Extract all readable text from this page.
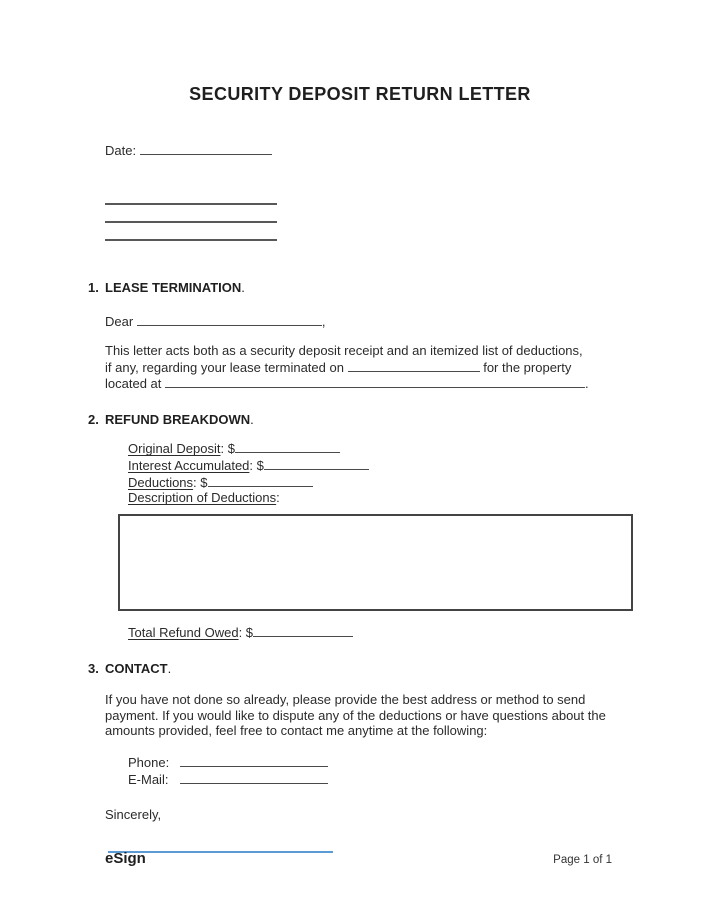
SECURITY DEPOSIT RETURN LETTER
Date:
1. LEASE TERMINATION.
Dear	,
This letter acts both as a security deposit receipt and an itemized list of deductions,
if any, regarding your lease terminated on	for the property
located at	.
2. REFUND BREAKDOWN.
Original Deposit: $
Interest Accumulated: $
Deductions: $
Description of Deductions:
Total Refund Owed: $
3. CONTACT.
If you have not done so already, please provide the best address or method to send payment. If you would like to dispute any of the deductions or have questions about the amounts provided, feel free to contact me anytime at the following:
Phone:
E-Mail:
Sincerely,
eSign	Page 1 of 1
